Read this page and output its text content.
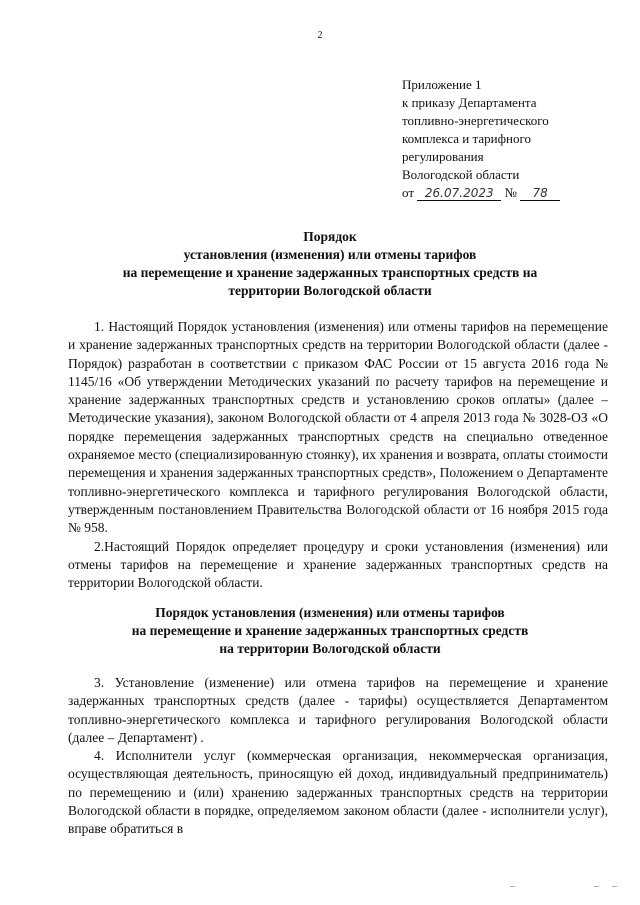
2
Приложение 1
к приказу Департамента
топливно-энергетического
комплекса и тарифного
регулирования
Вологодской области
от 26.07.2023 № 78
Порядок
установления (изменения) или отмены тарифов
на перемещение и хранение задержанных транспортных средств на
территории Вологодской области

1. Настоящий Порядок установления (изменения) или отмены тарифов на перемещение и хранение задержанных транспортных средств на территории Вологодской области (далее - Порядок) разработан в соответствии с приказом ФАС России от 15 августа 2016 года № 1145/16 «Об утверждении Методических указаний по расчету тарифов на перемещение и хранение задержанных транспортных средств и установлению сроков оплаты» (далее – Методические указания), законом Вологодской области от 4 апреля 2013 года № 3028-ОЗ «О порядке перемещения задержанных транспортных средств на специально отведенное охраняемое место (специализированную стоянку), их хранения и возврата, оплаты стоимости перемещения и хранения задержанных транспортных средств», Положением о Департаменте топливно-энергетического комплекса и тарифного регулирования Вологодской области, утвержденным постановлением Правительства Вологодской области от 16 ноября 2015 года № 958.

2.Настоящий Порядок определяет процедуру и сроки установления (изменения) или отмены тарифов на перемещение и хранение задержанных транспортных средств на территории Вологодской области.

Порядок установления (изменения) или отмены тарифов
на перемещение и хранение задержанных транспортных средств
на территории Вологодской области

3. Установление (изменение) или отмена тарифов на перемещение и хранение задержанных транспортных средств (далее - тарифы) осуществляется Департаментом топливно-энергетического комплекса и тарифного регулирования Вологодской области (далее – Департамент) .

4. Исполнители услуг (коммерческая организация, некоммерческая организация, осуществляющая деятельность, приносящую ей доход, индивидуальный предприниматель) по перемещению и (или) хранению задержанных транспортных средств на территории Вологодской области в порядке, определяемом законом области (далее - исполнители услуг), вправе обратиться в

–	– –
